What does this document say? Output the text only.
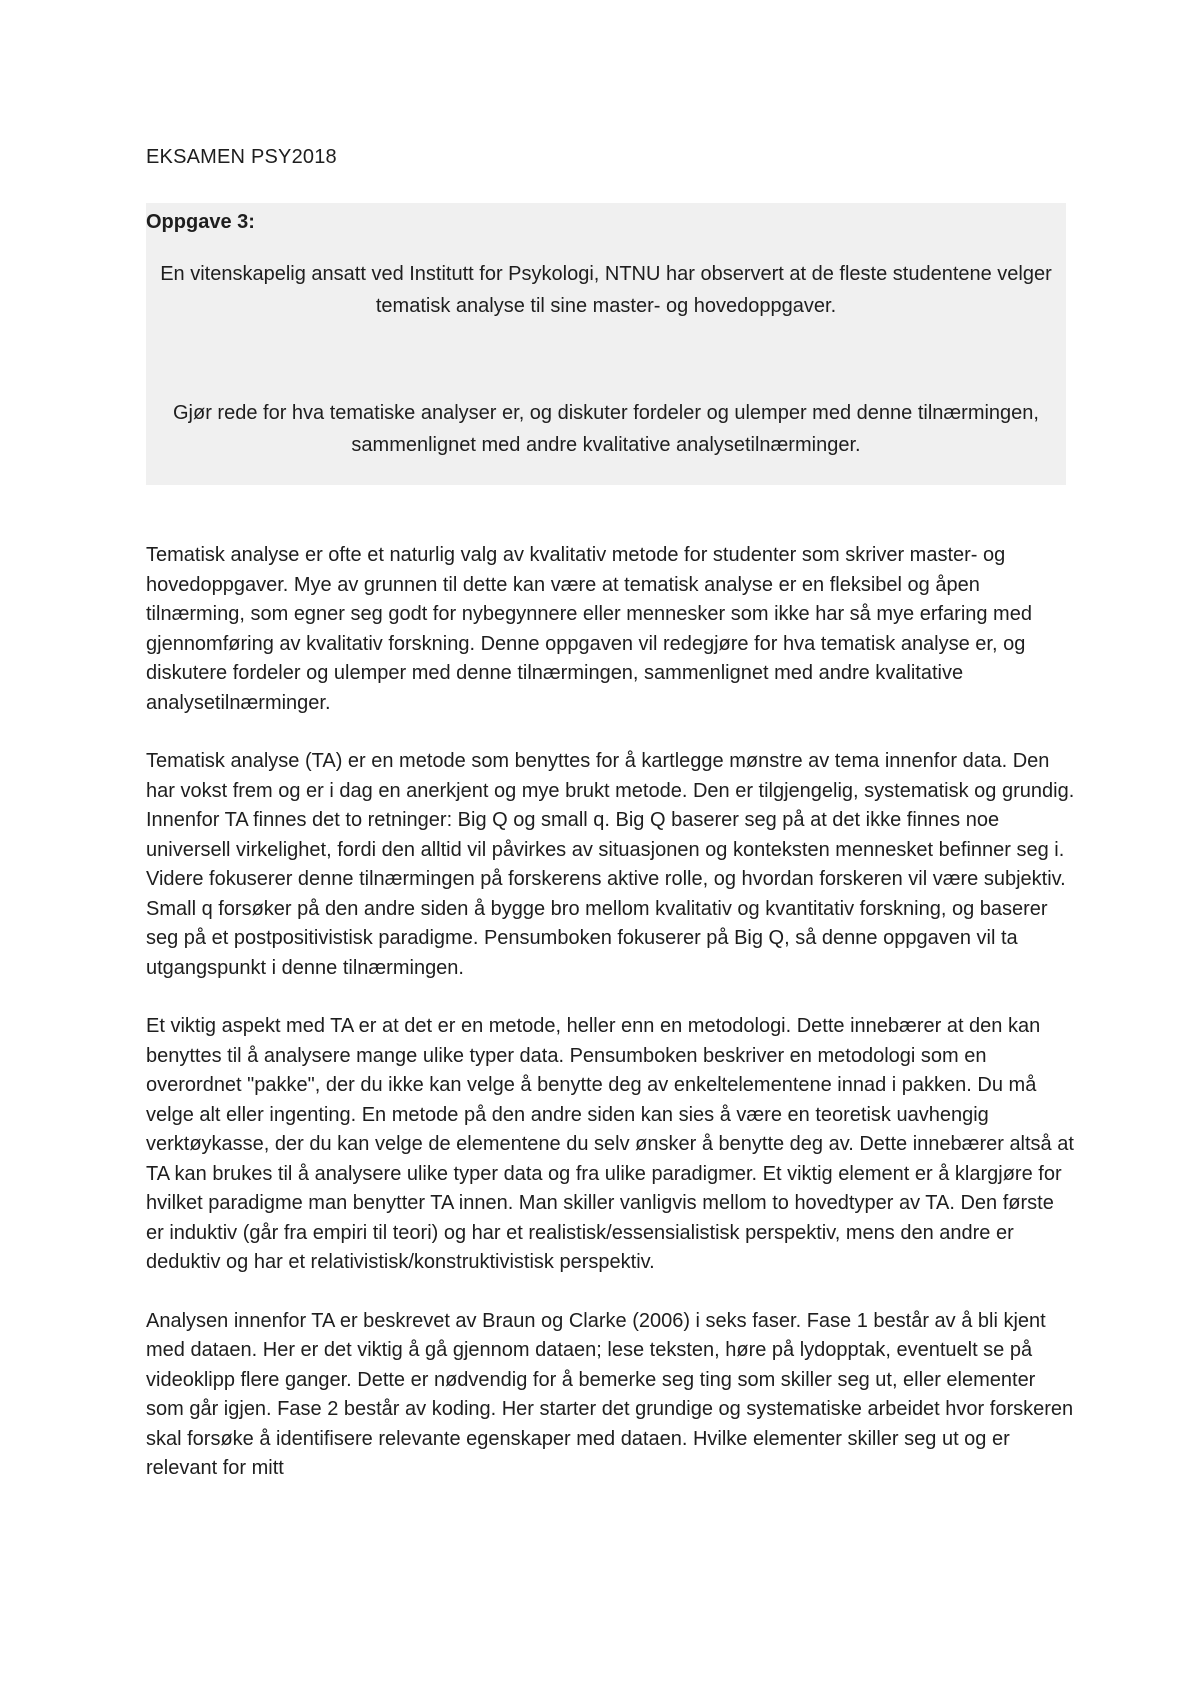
EKSAMEN PSY2018
Oppgave 3:

En vitenskapelig ansatt ved Institutt for Psykologi, NTNU har observert at de fleste studentene velger tematisk analyse til sine master- og hovedoppgaver.

Gjør rede for hva tematiske analyser er, og diskuter fordeler og ulemper med denne tilnærmingen, sammenlignet med andre kvalitative analysetilnærminger.

Tematisk analyse er ofte et naturlig valg av kvalitativ metode for studenter som skriver master- og hovedoppgaver. Mye av grunnen til dette kan være at tematisk analyse er en fleksibel og åpen tilnærming, som egner seg godt for nybegynnere eller mennesker som ikke har så mye erfaring med gjennomføring av kvalitativ forskning. Denne oppgaven vil redegjøre for hva tematisk analyse er, og diskutere fordeler og ulemper med denne tilnærmingen, sammenlignet med andre kvalitative analysetilnærminger.

Tematisk analyse (TA) er en metode som benyttes for å kartlegge mønstre av tema innenfor data. Den har vokst frem og er i dag en anerkjent og mye brukt metode. Den er tilgjengelig, systematisk og grundig. Innenfor TA finnes det to retninger: Big Q og small q. Big Q baserer seg på at det ikke finnes noe universell virkelighet, fordi den alltid vil påvirkes av situasjonen og konteksten mennesket befinner seg i. Videre fokuserer denne tilnærmingen på forskerens aktive rolle, og hvordan forskeren vil være subjektiv. Small q forsøker på den andre siden å bygge bro mellom kvalitativ og kvantitativ forskning, og baserer seg på et postpositivistisk paradigme. Pensumboken fokuserer på Big Q, så denne oppgaven vil ta utgangspunkt i denne tilnærmingen.

Et viktig aspekt med TA er at det er en metode, heller enn en metodologi. Dette innebærer at den kan benyttes til å analysere mange ulike typer data. Pensumboken beskriver en metodologi som en overordnet "pakke", der du ikke kan velge å benytte deg av enkeltelementene innad i pakken. Du må velge alt eller ingenting. En metode på den andre siden kan sies å være en teoretisk uavhengig verktøykasse, der du kan velge de elementene du selv ønsker å benytte deg av. Dette innebærer altså at TA kan brukes til å analysere ulike typer data og fra ulike paradigmer. Et viktig element er å klargjøre for hvilket paradigme man benytter TA innen. Man skiller vanligvis mellom to hovedtyper av TA. Den første er induktiv (går fra empiri til teori) og har et realistisk/essensialistisk perspektiv, mens den andre er deduktiv og har et relativistisk/konstruktivistisk perspektiv.

Analysen innenfor TA er beskrevet av Braun og Clarke (2006) i seks faser. Fase 1 består av å bli kjent med dataen. Her er det viktig å gå gjennom dataen; lese teksten, høre på lydopptak, eventuelt se på videoklipp flere ganger. Dette er nødvendig for å bemerke seg ting som skiller seg ut, eller elementer som går igjen. Fase 2 består av koding. Her starter det grundige og systematiske arbeidet hvor forskeren skal forsøke å identifisere relevante egenskaper med dataen. Hvilke elementer skiller seg ut og er relevant for mitt
